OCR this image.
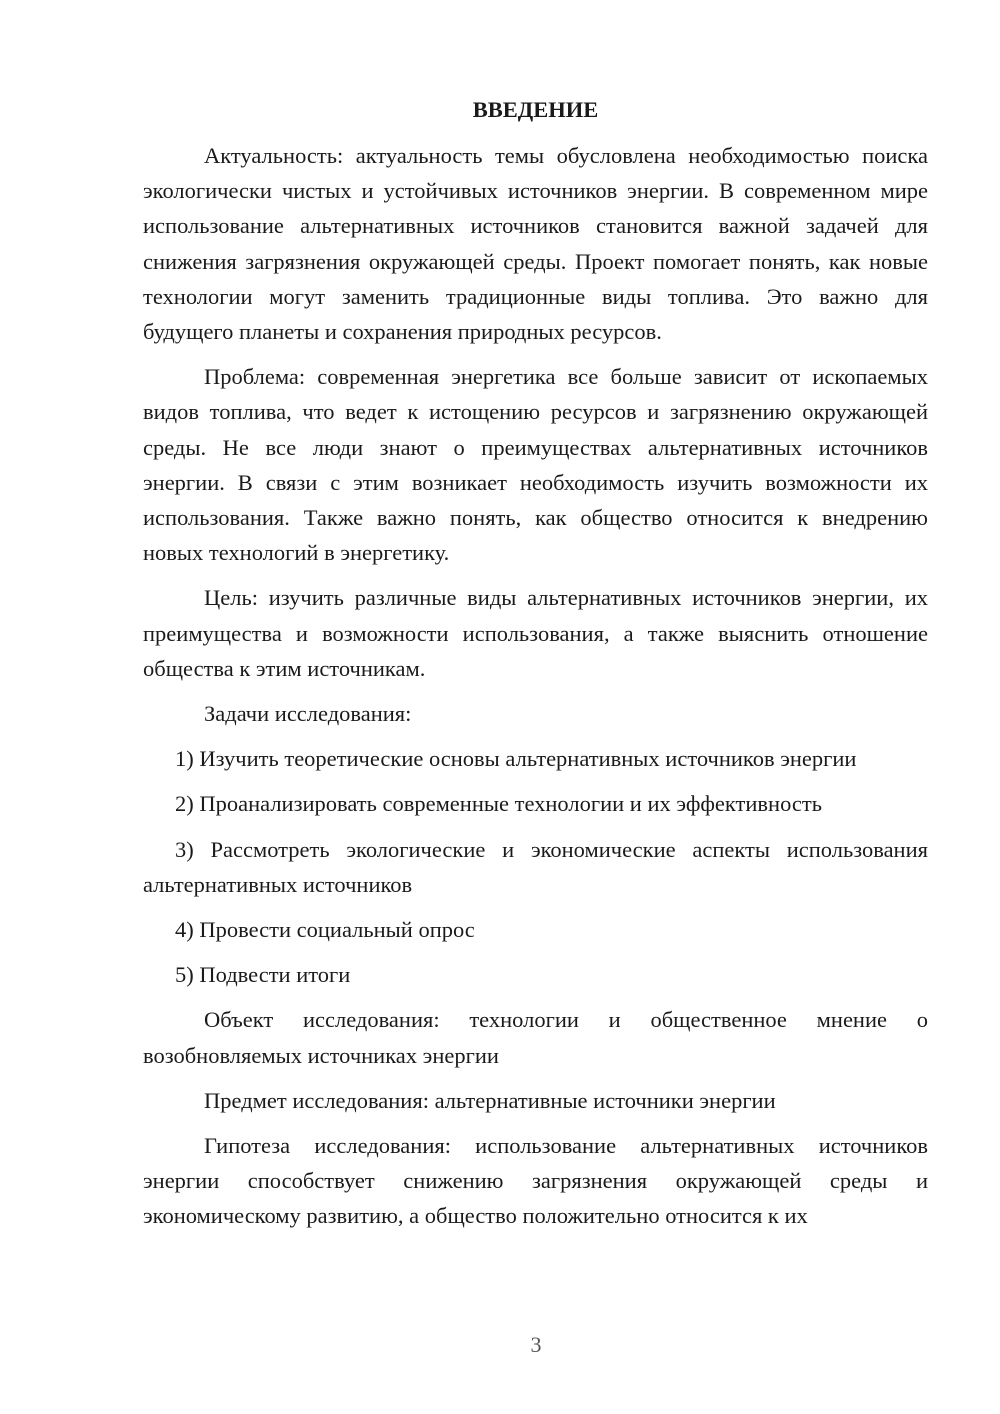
ВВЕДЕНИЕ

Актуальность: актуальность темы обусловлена необходимостью поиска экологически чистых и устойчивых источников энергии. В современном мире использование альтернативных источников становится важной задачей для снижения загрязнения окружающей среды. Проект помогает понять, как новые технологии могут заменить традиционные виды топлива. Это важно для будущего планеты и сохранения природных ресурсов.

Проблема: современная энергетика все больше зависит от ископаемых видов топлива, что ведет к истощению ресурсов и загрязнению окружающей среды. Не все люди знают о преимуществах альтернативных источников энергии. В связи с этим возникает необходимость изучить возможности их использования. Также важно понять, как общество относится к внедрению новых технологий в энергетику.

Цель: изучить различные виды альтернативных источников энергии, их преимущества и возможности использования, а также выяснить отношение общества к этим источникам.

Задачи исследования:

1) Изучить теоретические основы альтернативных источников энергии

2) Проанализировать современные технологии и их эффективность

3) Рассмотреть экологические и экономические аспекты использования альтернативных источников

4) Провести социальный опрос

5) Подвести итоги

Объект исследования: технологии и общественное мнение о возобновляемых источниках энергии

Предмет исследования: альтернативные источники энергии

Гипотеза исследования: использование альтернативных источников энергии способствует снижению загрязнения окружающей среды и экономическому развитию, а общество положительно относится к их

3
